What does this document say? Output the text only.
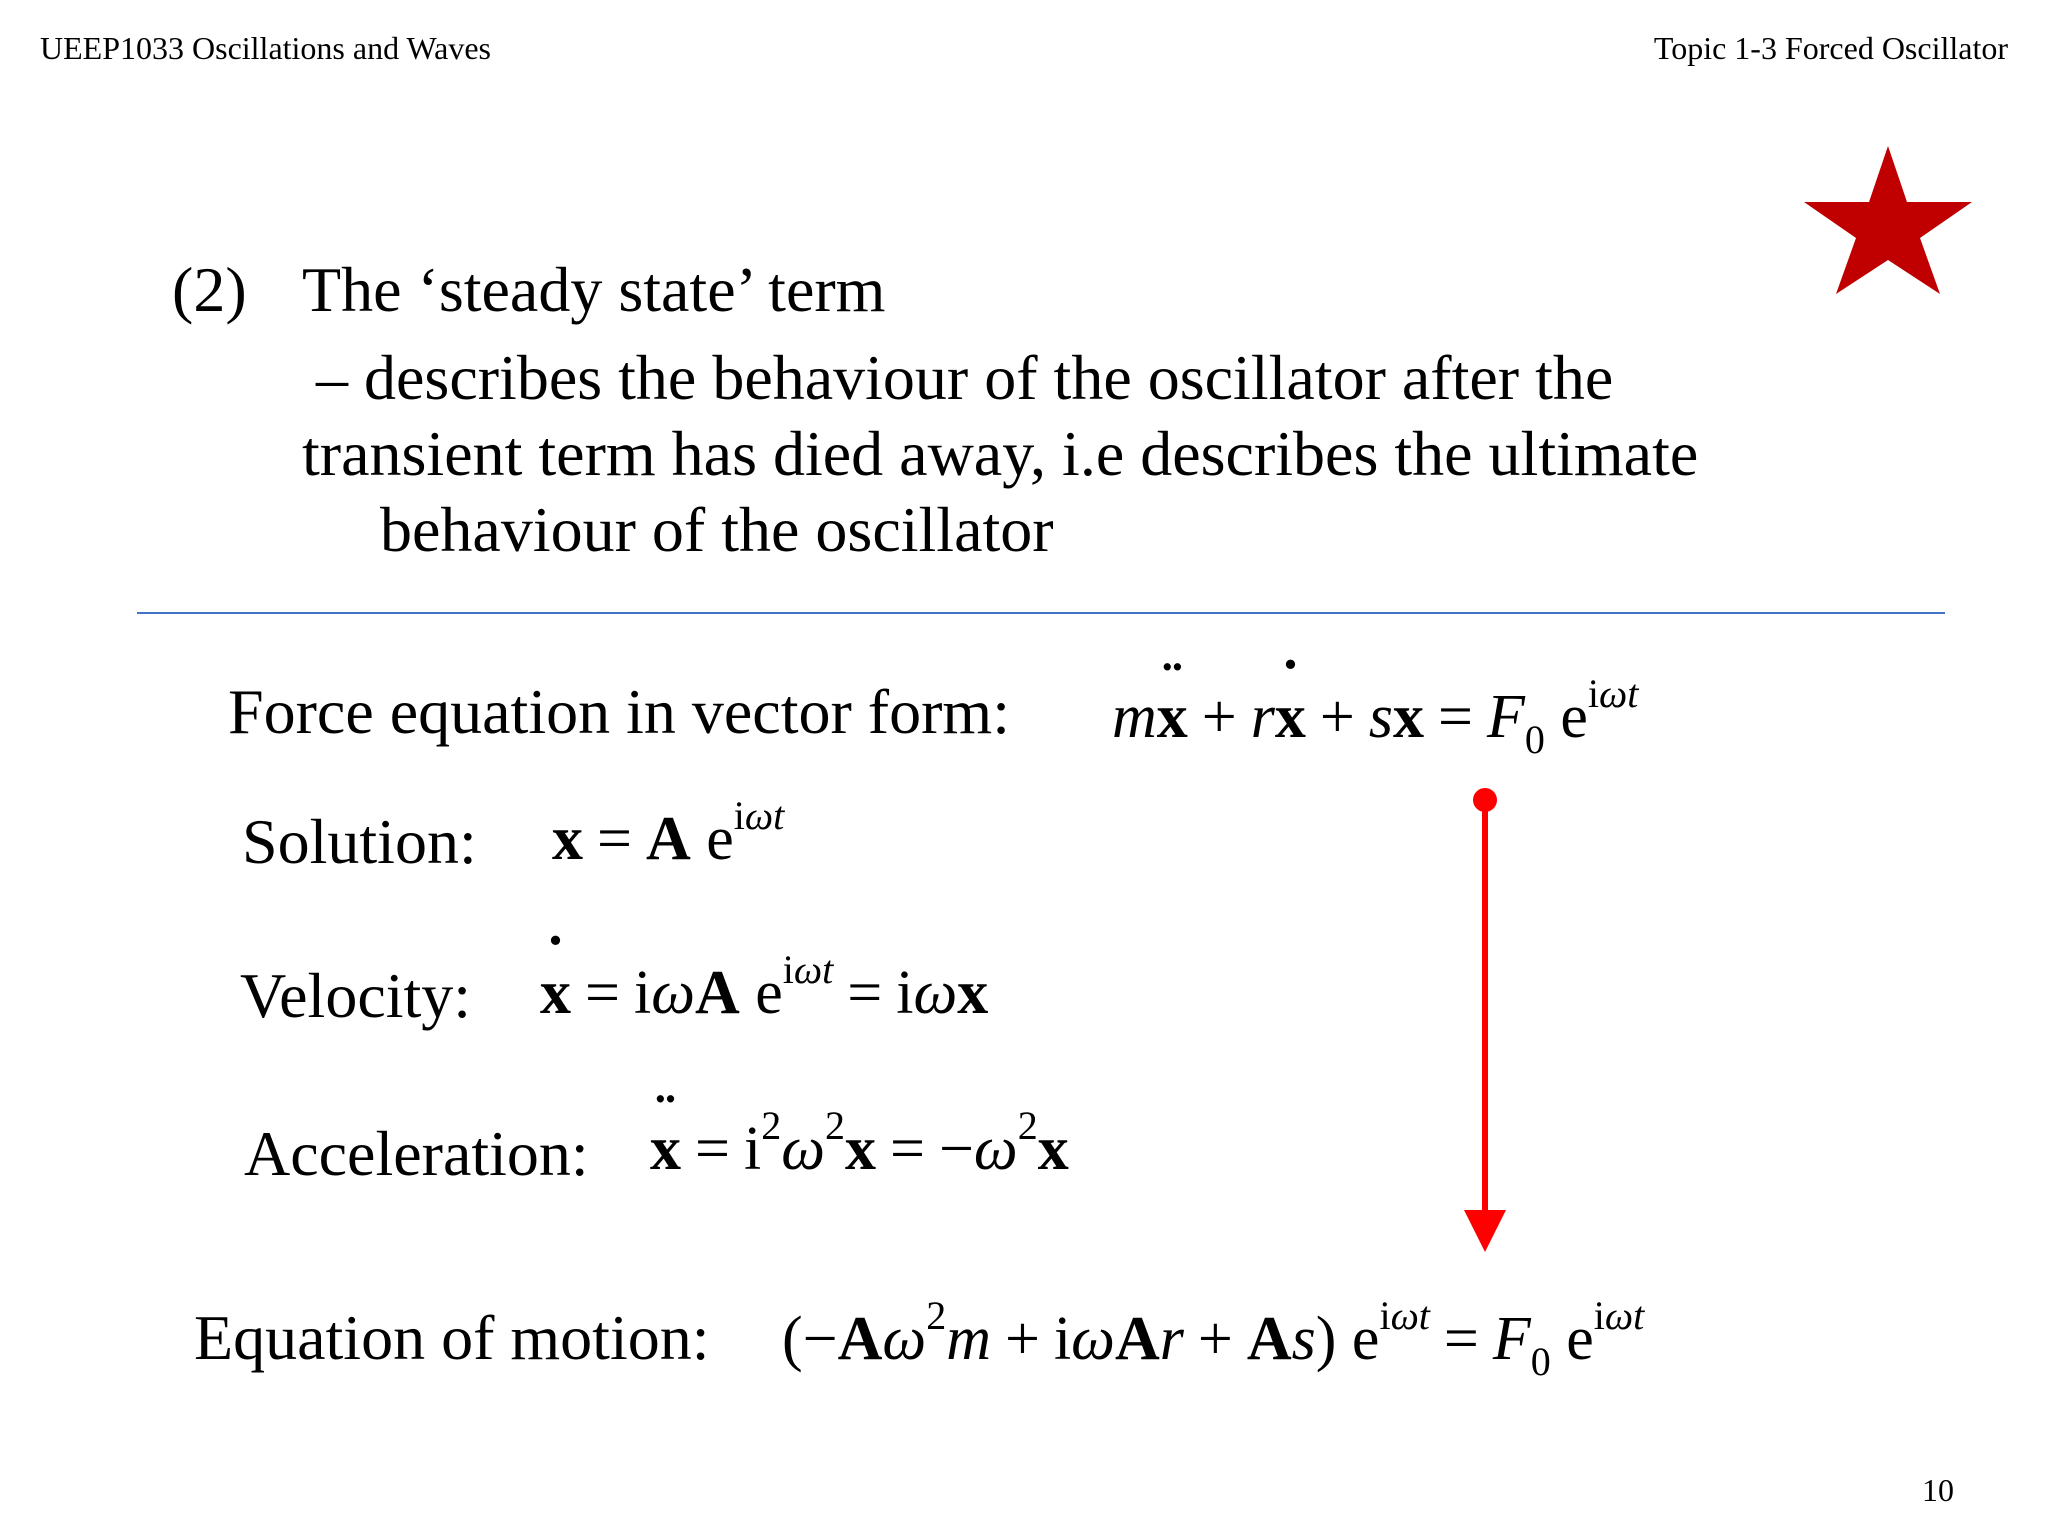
UEEP1033 Oscillations and Waves	Topic 1-3 Forced Oscillator
(2) The ‘steady state’ term
– describes the behaviour of the oscillator after the
transient term has died away, i.e describes the ultimate
behaviour of the oscillator
Force equation in vector form: mx ¨ + rx ˙ + sx = $F_0$ $e^{i\omega t}$
Solution: x = A $e^{i\omega t}$
Velocity: x ˙ = iωA $e^{i\omega t} = i\omega x$
Acceleration: x ¨ = $i^2\omega^2x = -\omega^2x$
Equation of motion: $(-A\omega^2m + i\omega Ar + As) e^{i\omega t} = F_0$ $e^{i\omega t}$
10
